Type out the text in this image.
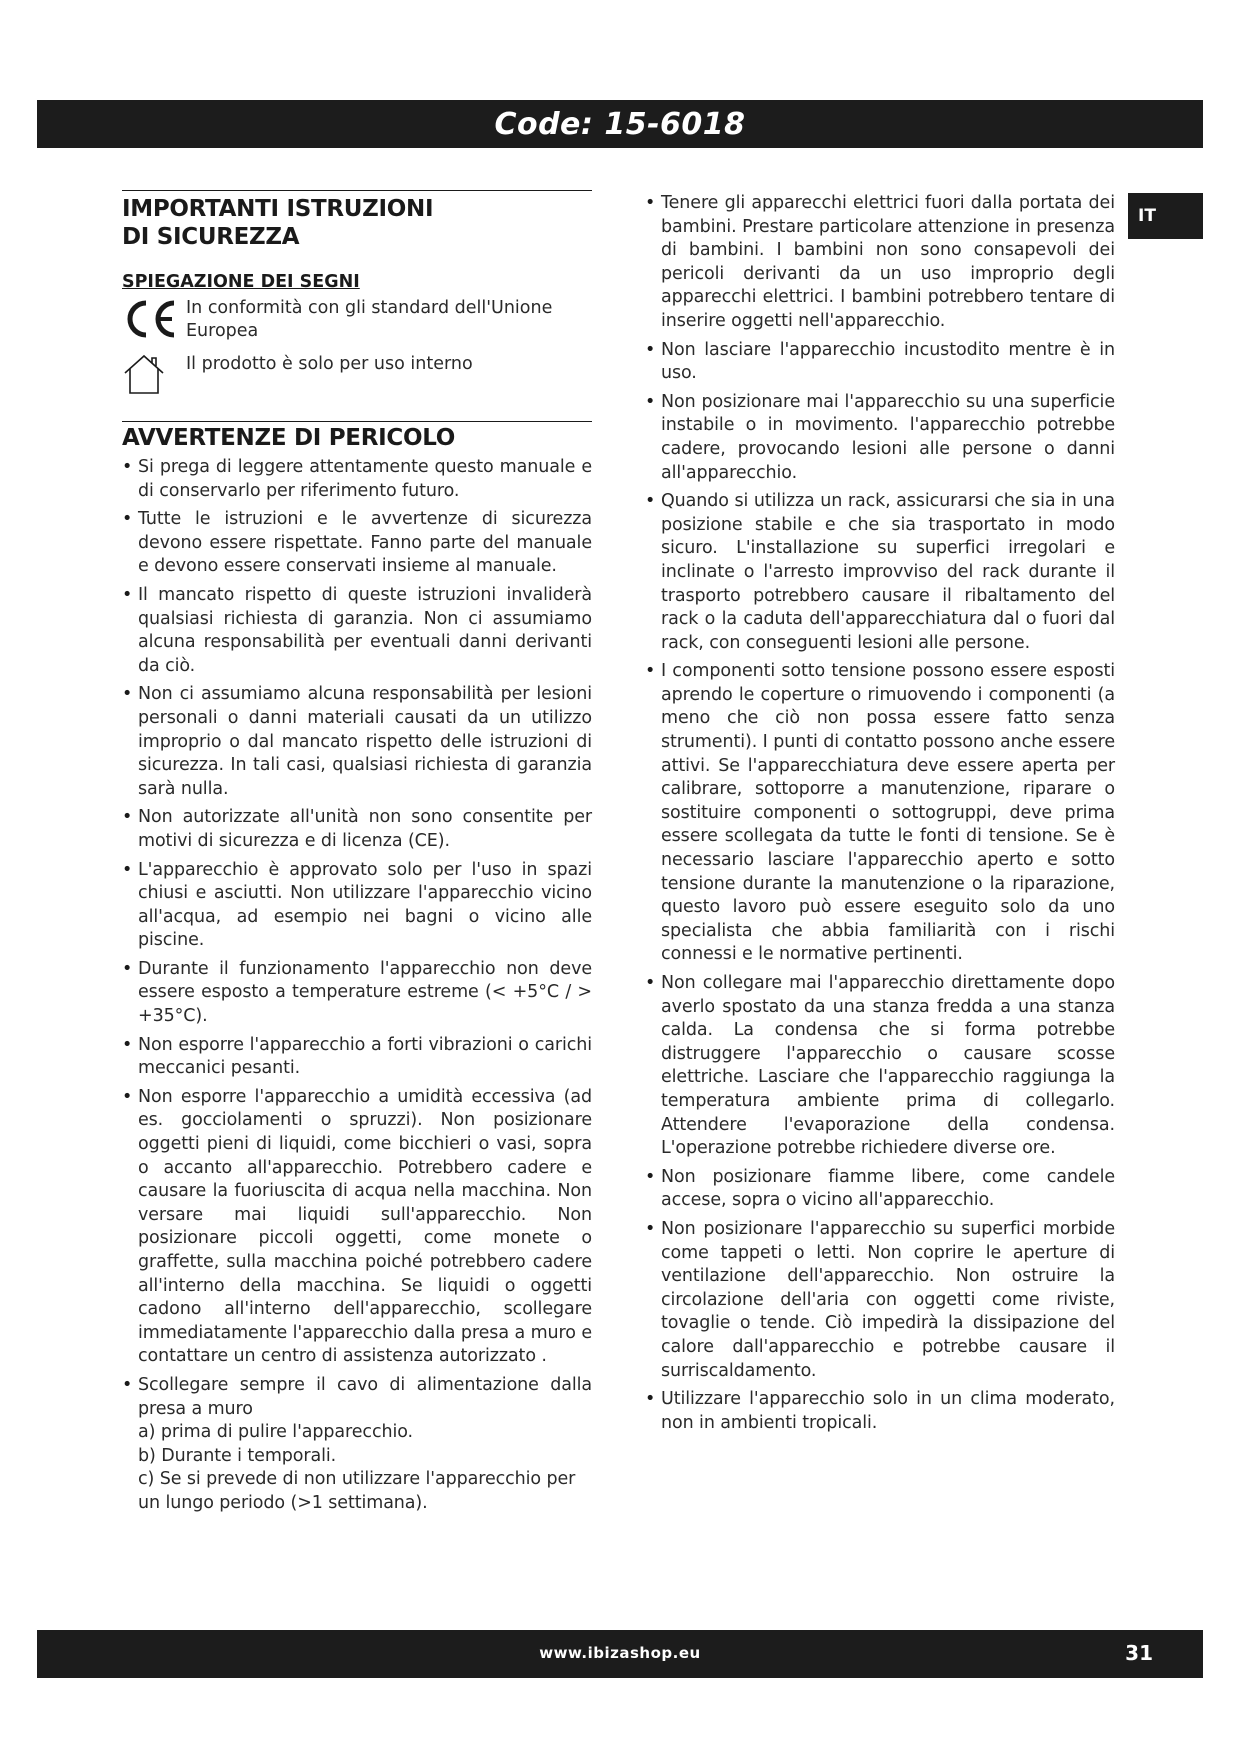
Code: 15-6018
IT
IMPORTANTI ISTRUZIONI
DI SICUREZZA
SPIEGAZIONE DEI SEGNI
In conformità con gli standard dell'Unione Europea
Il prodotto è solo per uso interno
AVVERTENZE DI PERICOLO
• Si prega di leggere attentamente questo manuale e di conservarlo per riferimento futuro.
• Tutte le istruzioni e le avvertenze di sicurezza devono essere rispettate. Fanno parte del manuale e devono essere conservati insieme al manuale.
• Il mancato rispetto di queste istruzioni invaliderà qualsiasi richiesta di garanzia. Non ci assumiamo alcuna responsabilità per eventuali danni derivanti da ciò.
• Non ci assumiamo alcuna responsabilità per lesioni personali o danni materiali causati da un utilizzo improprio o dal mancato rispetto delle istruzioni di sicurezza. In tali casi, qualsiasi richiesta di garanzia sarà nulla.
• Non autorizzate all'unità non sono consentite per motivi di sicurezza e di licenza (CE).
• L'apparecchio è approvato solo per l'uso in spazi chiusi e asciutti. Non utilizzare l'apparecchio vicino all'acqua, ad esempio nei bagni o vicino alle piscine.
• Durante il funzionamento l'apparecchio non deve essere esposto a temperature estreme (< +5°C / > +35°C).
• Non esporre l'apparecchio a forti vibrazioni o carichi meccanici pesanti.
• Non esporre l'apparecchio a umidità eccessiva (ad es. gocciolamenti o spruzzi). Non posizionare oggetti pieni di liquidi, come bicchieri o vasi, sopra o accanto all'apparecchio. Potrebbero cadere e causare la fuoriuscita di acqua nella macchina. Non versare mai liquidi sull'apparecchio. Non posizionare piccoli oggetti, come monete o graffette, sulla macchina poiché potrebbero cadere all'interno della macchina. Se liquidi o oggetti cadono all'interno dell'apparecchio, scollegare immediatamente l'apparecchio dalla presa a muro e contattare un centro di assistenza autorizzato .
• Scollegare sempre il cavo di alimentazione dalla presa a muro
a) prima di pulire l'apparecchio.
b) Durante i temporali.
c) Se si prevede di non utilizzare l'apparecchio per un lungo periodo (>1 settimana).
• Tenere gli apparecchi elettrici fuori dalla portata dei bambini. Prestare particolare attenzione in presenza di bambini. I bambini non sono consapevoli dei pericoli derivanti da un uso improprio degli apparecchi elettrici. I bambini potrebbero tentare di inserire oggetti nell'apparecchio.
• Non lasciare l'apparecchio incustodito mentre è in uso.
• Non posizionare mai l'apparecchio su una superficie instabile o in movimento. l'apparecchio potrebbe cadere, provocando lesioni alle persone o danni all'apparecchio.
• Quando si utilizza un rack, assicurarsi che sia in una posizione stabile e che sia trasportato in modo sicuro. L'installazione su superfici irregolari e inclinate o l'arresto improvviso del rack durante il trasporto potrebbero causare il ribaltamento del rack o la caduta dell'apparecchiatura dal o fuori dal rack, con conseguenti lesioni alle persone.
• I componenti sotto tensione possono essere esposti aprendo le coperture o rimuovendo i componenti (a meno che ciò non possa essere fatto senza strumenti). I punti di contatto possono anche essere attivi. Se l'apparecchiatura deve essere aperta per calibrare, sottoporre a manutenzione, riparare o sostituire componenti o sottogruppi, deve prima essere scollegata da tutte le fonti di tensione. Se è necessario lasciare l'apparecchio aperto e sotto tensione durante la manutenzione o la riparazione, questo lavoro può essere eseguito solo da uno specialista che abbia familiarità con i rischi connessi e le normative pertinenti.
• Non collegare mai l'apparecchio direttamente dopo averlo spostato da una stanza fredda a una stanza calda. La condensa che si forma potrebbe distruggere l'apparecchio o causare scosse elettriche. Lasciare che l'apparecchio raggiunga la temperatura ambiente prima di collegarlo. Attendere l'evaporazione della condensa. L'operazione potrebbe richiedere diverse ore.
• Non posizionare fiamme libere, come candele accese, sopra o vicino all'apparecchio.
• Non posizionare l'apparecchio su superfici morbide come tappeti o letti. Non coprire le aperture di ventilazione dell'apparecchio. Non ostruire la circolazione dell'aria con oggetti come riviste, tovaglie o tende. Ciò impedirà la dissipazione del calore dall'apparecchio e potrebbe causare il surriscaldamento.
• Utilizzare l'apparecchio solo in un clima moderato, non in ambienti tropicali.
www.ibizashop.eu	31
